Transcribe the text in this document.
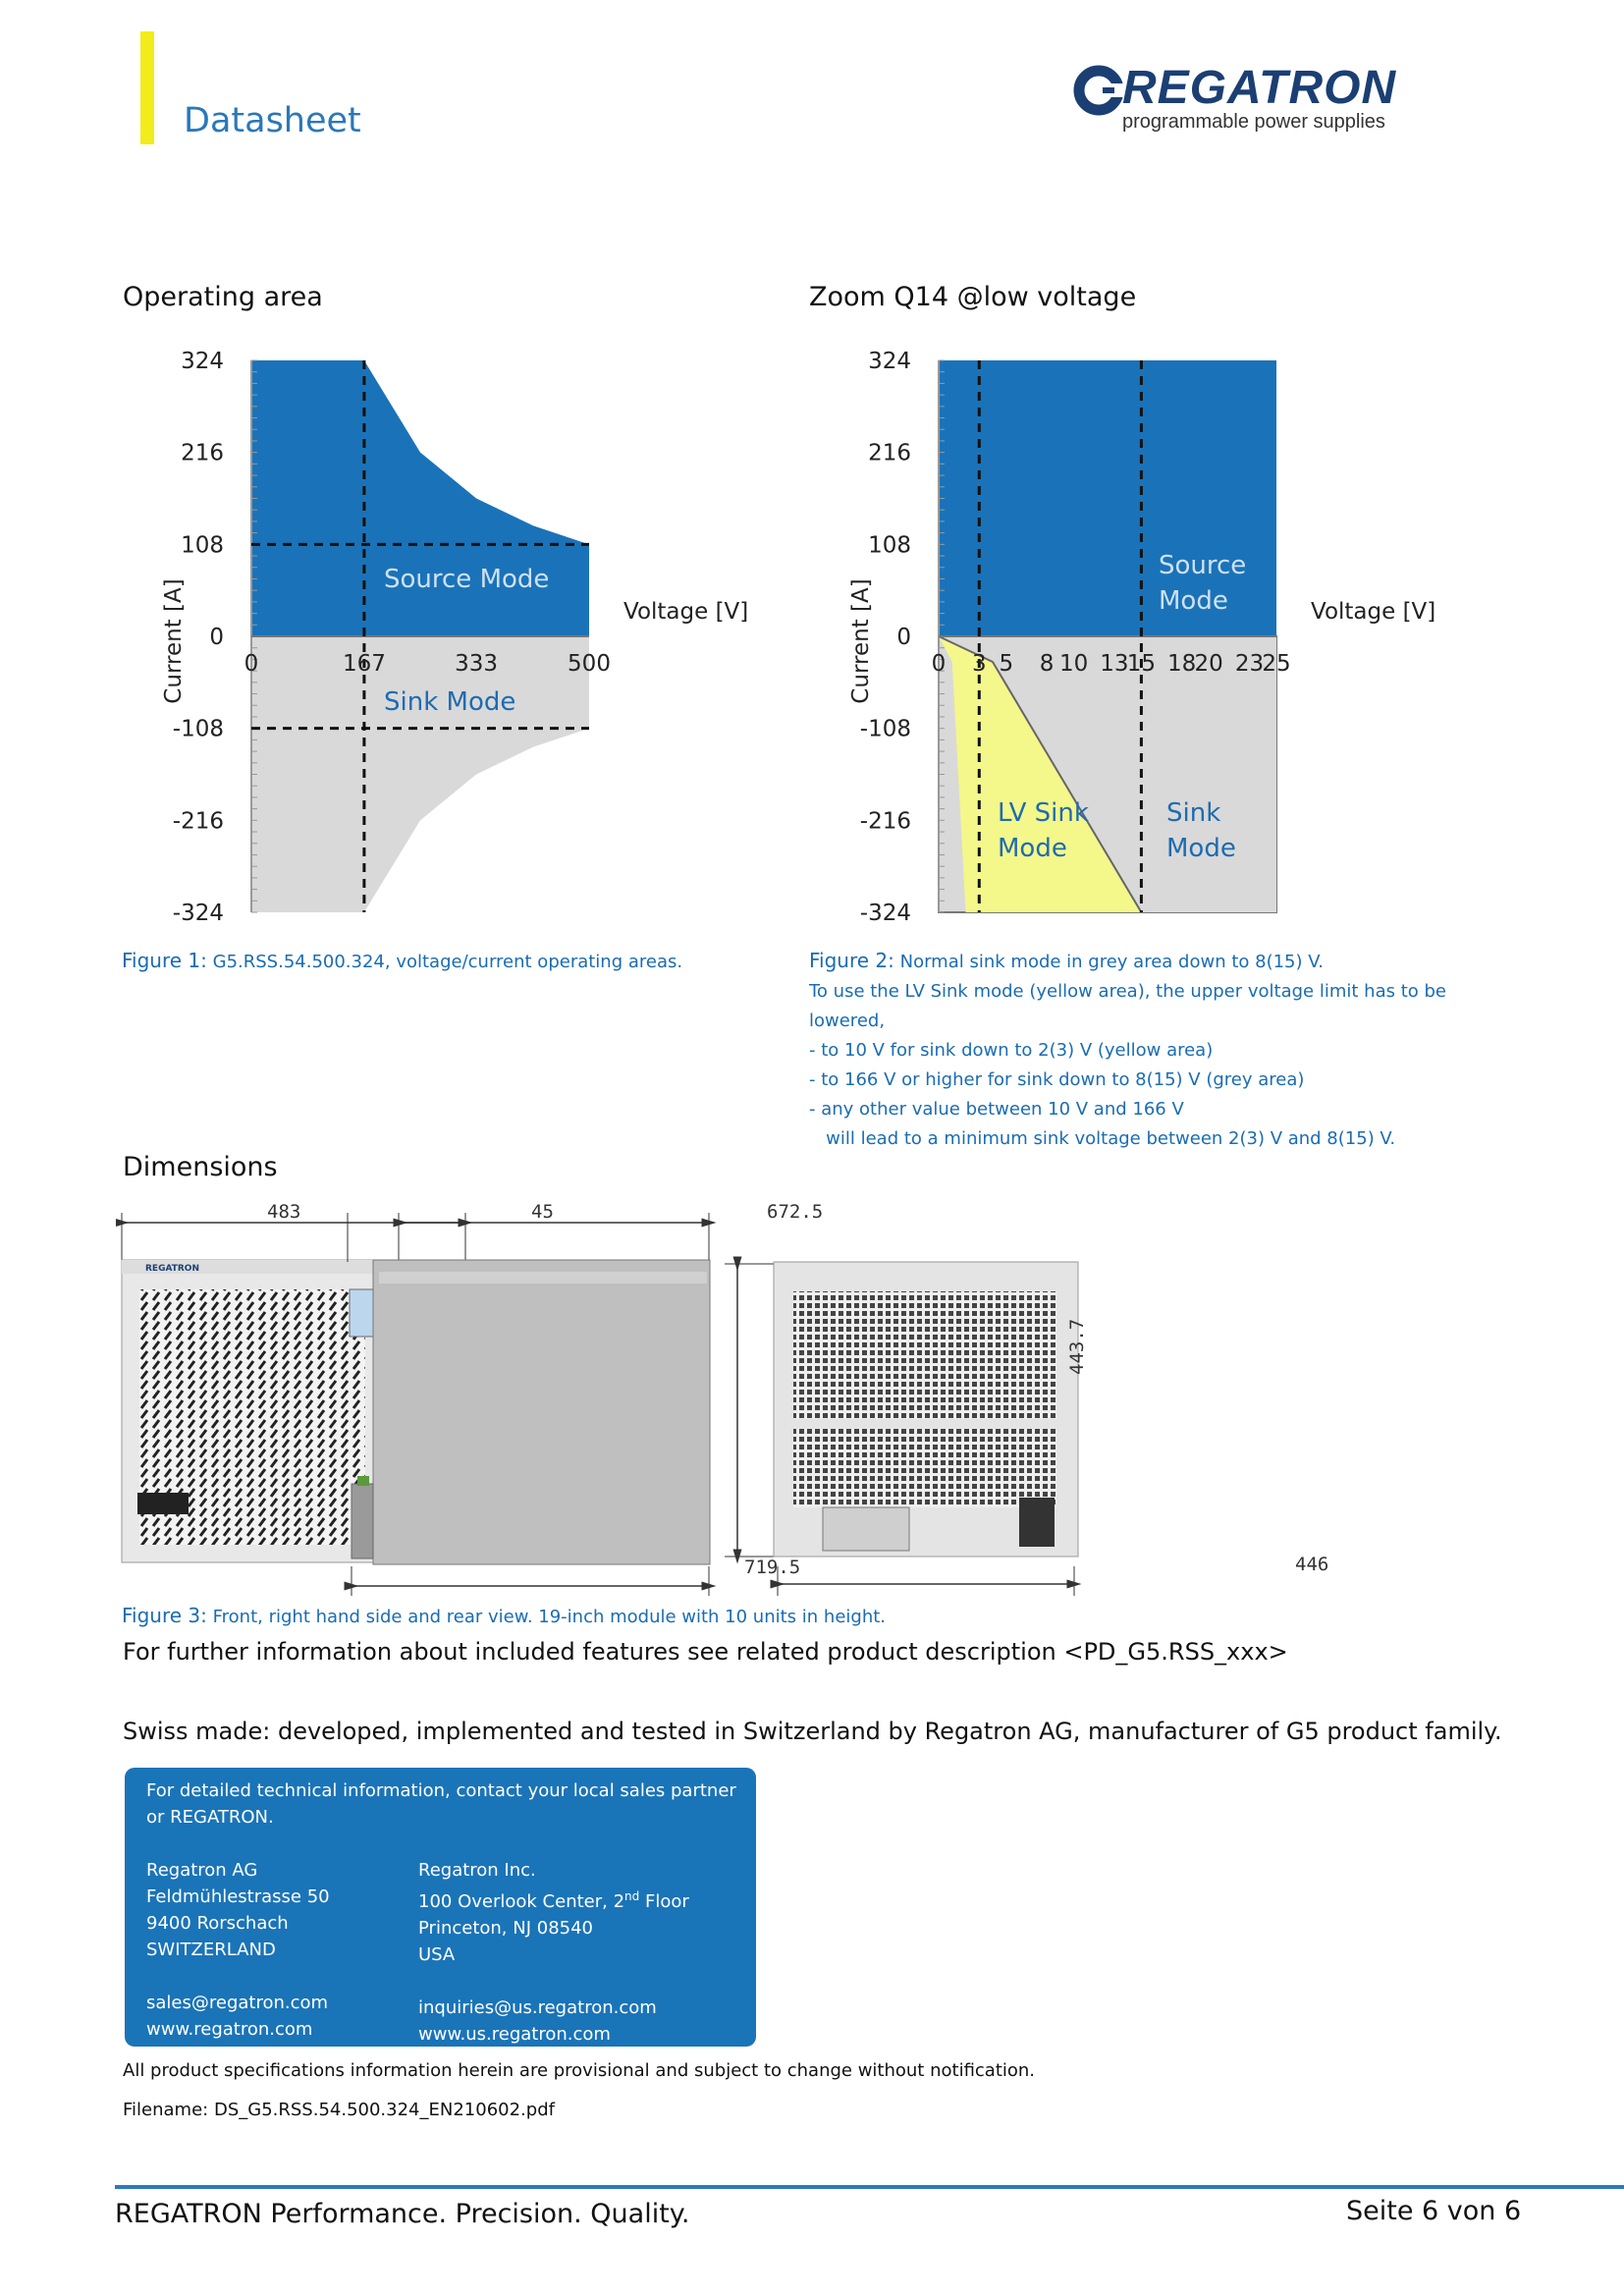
Datasheet
REGATRON
programmable power supplies
Operating area	Zoom Q14 @low voltage
324
216
108
0
-108
-216
-324
0	167	333	500
Current [A]	Voltage [V]
Source Mode
Sink Mode
324
216
108
0
-108
-216
-324
0 3 5 8 10 13
15 18
20 23
25
Current [A]	Voltage [V]
Source
Mode
LV Sink
Mode
Sink
Mode
Figure 1: G5.RSS.54.500.324, voltage/current operating areas.	Figure 2: Normal sink mode in grey area down to 8(15) V.
To use the LV Sink mode (yellow area), the upper voltage limit has to be
lowered,
- to 10 V for sink down to 2(3) V (yellow area)
- to 166 V or higher for sink down to 8(15) V (grey area)
- any other value between 10 V and 166 V
will lead to a minimum sink voltage between 2(3) V and 8(15) V.
Dimensions
REGATRON
483	45	672.5
719.5
443.7
446
Figure 3: Front, right hand side and rear view. 19-inch module with 10 units in height.
For further information about included features see related product description <PD_G5.RSS_xxx>
Swiss made: developed, implemented and tested in Switzerland by Regatron AG, manufacturer of G5 product family.
For detailed technical information, contact your local sales partner
or REGATRON.
Regatron AG
Feldmühlestrasse 50
9400 Rorschach
SWITZERLAND
sales@regatron.com
www.regatron.com
Regatron Inc.
100 Overlook Center, 2nd Floor
Princeton, NJ 08540
USA
inquiries@us.regatron.com
www.us.regatron.com
All product specifications information herein are provisional and subject to change without notification.
Filename: DS_G5.RSS.54.500.324_EN210602.pdf
REGATRON Performance. Precision. Quality.	Seite 6 von 6
